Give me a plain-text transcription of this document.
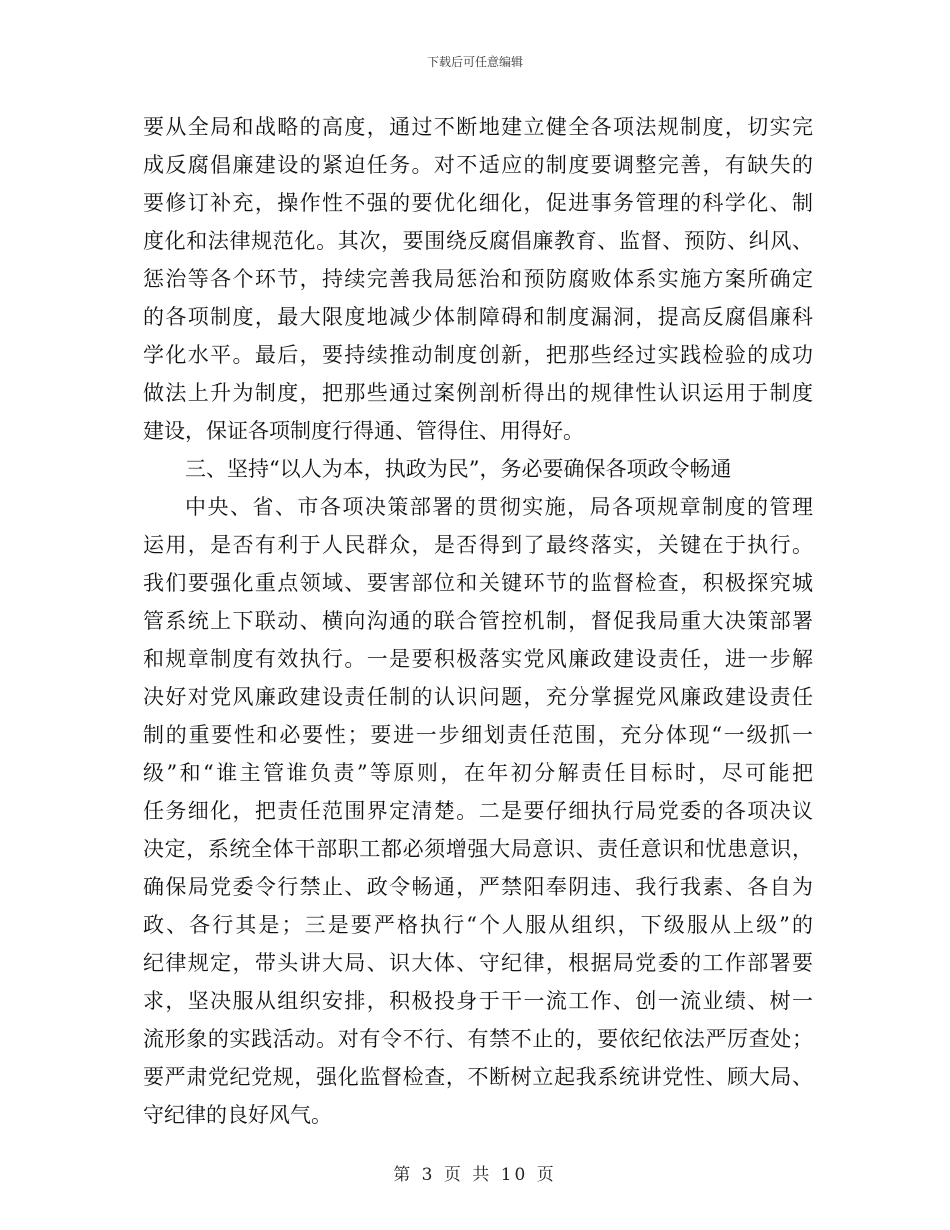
下载后可任意编辑
要从全局和战略的高度，通过不断地建立健全各项法规制度，切实完
成反腐倡廉建设的紧迫任务。对不适应的制度要调整完善，有缺失的
要修订补充，操作性不强的要优化细化，促进事务管理的科学化、制
度化和法律规范化。其次，要围绕反腐倡廉教育、监督、预防、纠风、
惩治等各个环节，持续完善我局惩治和预防腐败体系实施方案所确定
的各项制度，最大限度地减少体制障碍和制度漏洞，提高反腐倡廉科
学化水平。最后，要持续推动制度创新，把那些经过实践检验的成功
做法上升为制度，把那些通过案例剖析得出的规律性认识运用于制度
建设，保证各项制度行得通、管得住、用得好。
三、坚持“以人为本，执政为民”，务必要确保各项政令畅通
中央、省、市各项决策部署的贯彻实施，局各项规章制度的管理
运用，是否有利于人民群众，是否得到了最终落实，关键在于执行。
我们要强化重点领域、要害部位和关键环节的监督检查，积极探究城
管系统上下联动、横向沟通的联合管控机制，督促我局重大决策部署
和规章制度有效执行。一是要积极落实党风廉政建设责任，进一步解
决好对党风廉政建设责任制的认识问题，充分掌握党风廉政建设责任
制的重要性和必要性；要进一步细划责任范围，充分体现“一级抓一
级”和“谁主管谁负责”等原则，在年初分解责任目标时，尽可能把
任务细化，把责任范围界定清楚。二是要仔细执行局党委的各项决议
决定，系统全体干部职工都必须增强大局意识、责任意识和忧患意识，
确保局党委令行禁止、政令畅通，严禁阳奉阴违、我行我素、各自为
政、各行其是；三是要严格执行“个人服从组织，下级服从上级”的
纪律规定，带头讲大局、识大体、守纪律，根据局党委的工作部署要
求，坚决服从组织安排，积极投身于干一流工作、创一流业绩、树一
流形象的实践活动。对有令不行、有禁不止的，要依纪依法严厉查处；
要严肃党纪党规，强化监督检查，不断树立起我系统讲党性、顾大局、
守纪律的良好风气。
第 3 页 共 10 页
